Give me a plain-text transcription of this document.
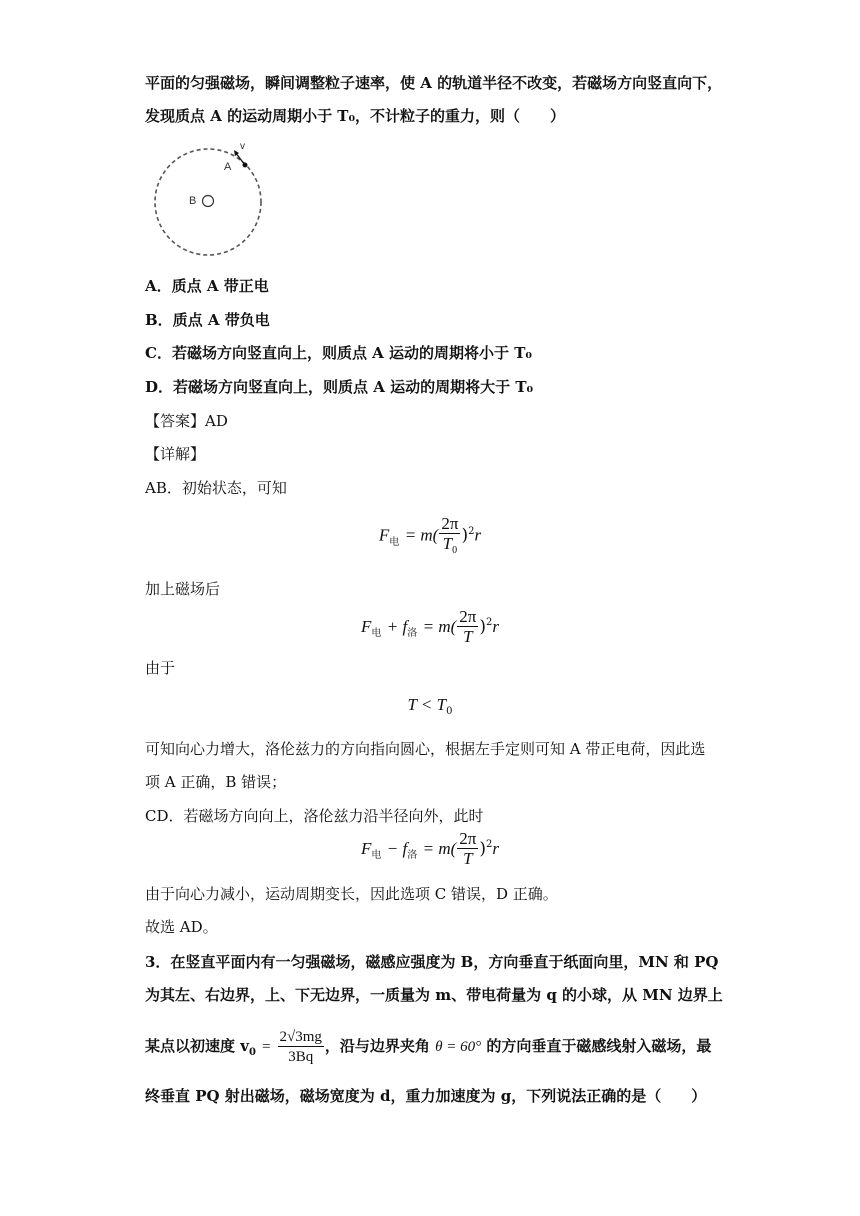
平面的匀强磁场，瞬间调整粒子速率，使 A 的轨道半径不改变，若磁场方向竖直向下，
发现质点 A 的运动周期小于 T₀，不计粒子的重力，则（　　）
B
A
v
A．质点 A 带正电
B．质点 A 带负电
C．若磁场方向竖直向上，则质点 A 运动的周期将小于 T₀
D．若磁场方向竖直向上，则质点 A 运动的周期将大于 T₀
【答案】AD
【详解】
AB．初始状态，可知
$F_电 = m( \frac{2\pi}{T_0} )^2r$
加上磁场后
$F_电 + f_洛 = m( \frac{2\pi}{T} )^2r$
由于
$T < T_0$
可知向心力增大，洛伦兹力的方向指向圆心，根据左手定则可知 A 带正电荷，因此选
项 A 正确，B 错误；
CD．若磁场方向向上，洛伦兹力沿半径向外，此时
$F_电 - f_洛 = m( \frac{2\pi}{T} )^2r$
由于向心力减小，运动周期变长，因此选项 C 错误，D 正确。
故选 AD。
3．在竖直平面内有一匀强磁场，磁感应强度为 B，方向垂直于纸面向里，MN 和 PQ
为其左、右边界，上、下无边界，一质量为 m、带电荷量为 q 的小球，从 MN 边界上
某点以初速度 $v_0 = \frac{2√3mg}{3Bq}$ ，沿与边界夹角 θ = 60° 的方向垂直于磁感线射入磁场，最
终垂直 PQ 射出磁场，磁场宽度为 d，重力加速度为 g，下列说法正确的是（　　）
